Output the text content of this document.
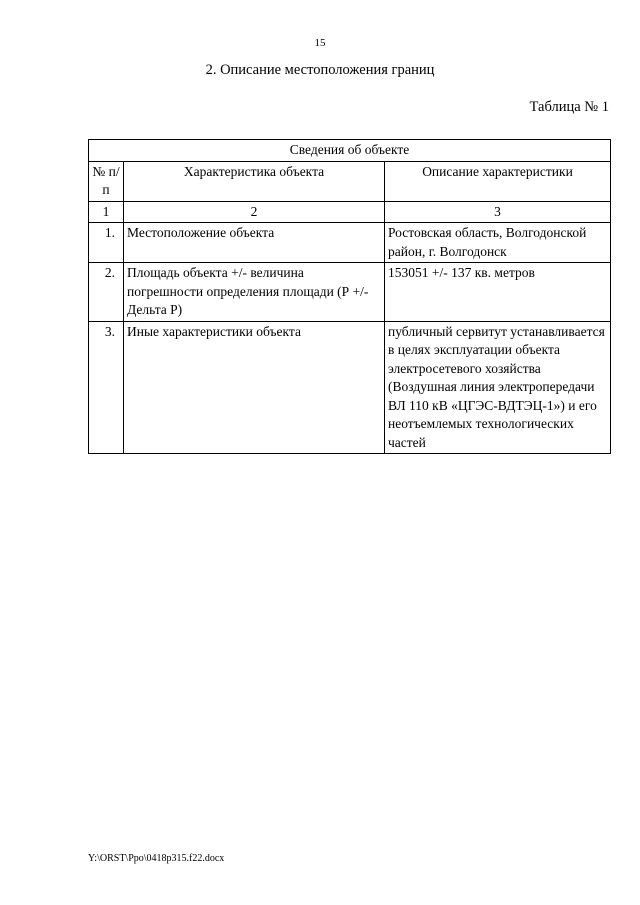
15
2. Описание местоположения границ
Таблица № 1
Сведения об объекте		
№ п/п	Характеристика объекта	Описание характеристики
1	2	3
1.	Местоположение объекта	Ростовская область, Волгодонской район, г. Волгодонск
2.	Площадь объекта +/- величина погрешности определения площади (Р +/- Дельта Р)	153051 +/- 137 кв. метров
3.	Иные характеристики объекта	публичный сервитут устанавливается в целях эксплуатации объекта электросетевого хозяйства (Воздушная линия электропередачи ВЛ 110 кВ «ЦГЭС-ВДТЭЦ-1») и его неотъемлемых технологических частей
Y:\ORST\Ppo\0418p315.f22.docx
